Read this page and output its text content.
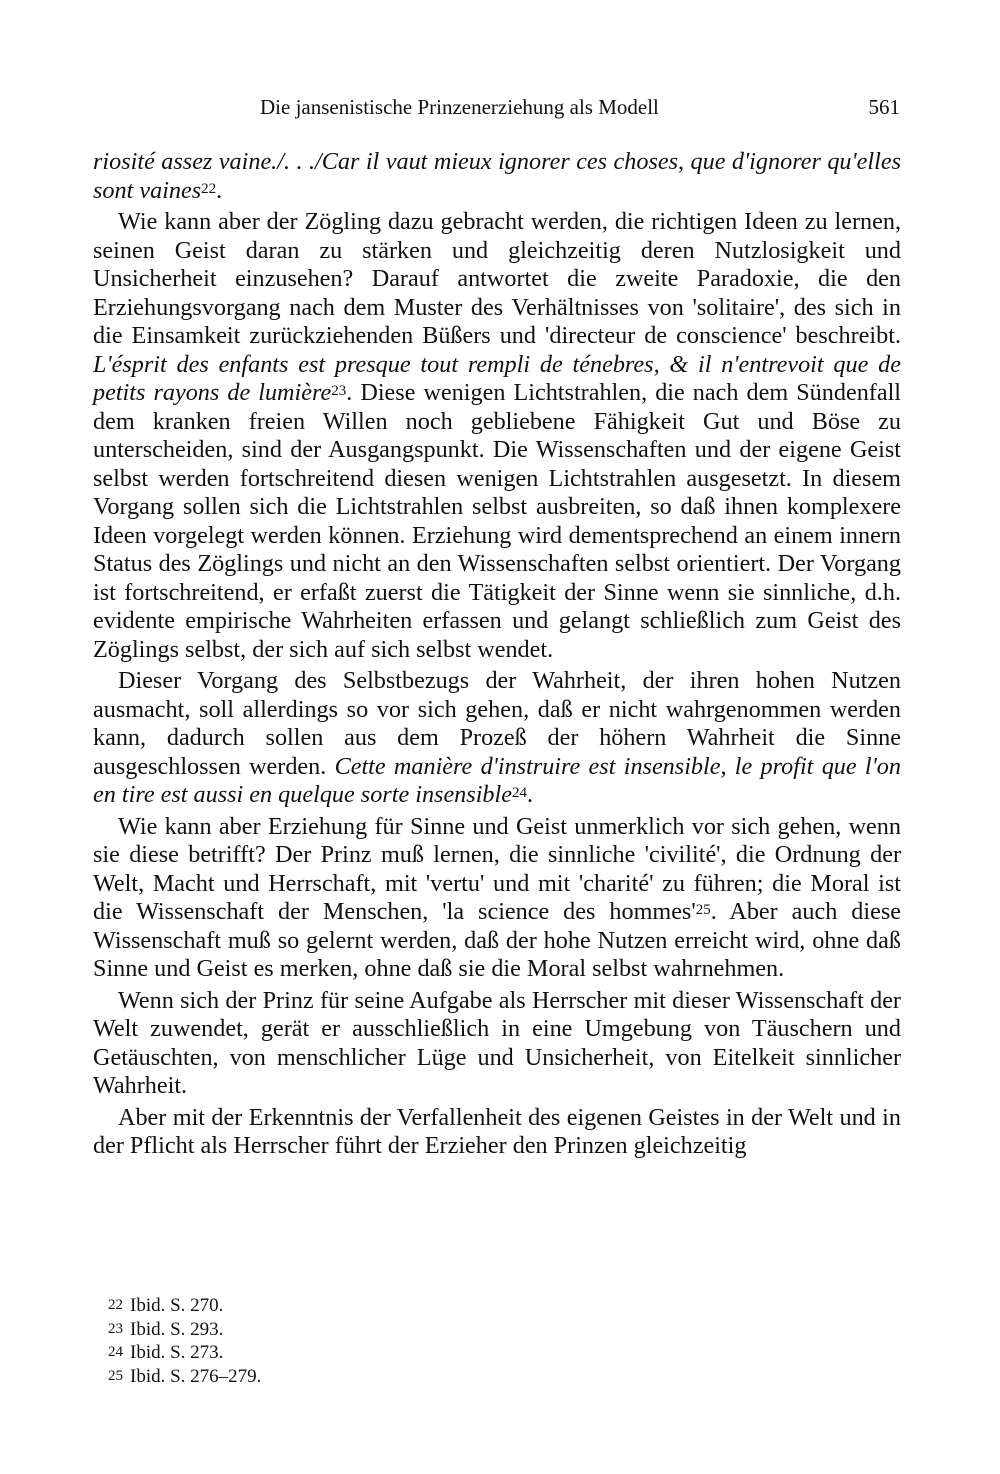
Die jansenistische Prinzenerziehung als Modell	561

riosité assez vaine./. . ./Car il vaut mieux ignorer ces choses, que d'ignorer qu'elles sont vaines$^{22}$.

Wie kann aber der Zögling dazu gebracht werden, die richtigen Ideen zu lernen, seinen Geist daran zu stärken und gleichzeitig deren Nutzlosigkeit und Unsicherheit einzusehen? Darauf antwortet die zweite Paradoxie, die den Erziehungsvorgang nach dem Muster des Verhältnisses von 'solitaire', des sich in die Einsamkeit zurückziehenden Büßers und 'directeur de conscience' beschreibt. L'ésprit des enfants est presque tout rempli de ténebres, & il n'entrevoit que de petits rayons de lumière$^{23}$. Diese wenigen Lichtstrahlen, die nach dem Sündenfall dem kranken freien Willen noch gebliebene Fähigkeit Gut und Böse zu unterscheiden, sind der Ausgangspunkt. Die Wissenschaften und der eigene Geist selbst werden fortschreitend diesen wenigen Lichtstrahlen ausgesetzt. In diesem Vorgang sollen sich die Lichtstrahlen selbst ausbreiten, so daß ihnen komplexere Ideen vorgelegt werden können. Erziehung wird dementsprechend an einem innern Status des Zöglings und nicht an den Wissenschaften selbst orientiert. Der Vorgang ist fortschreitend, er erfaßt zuerst die Tätigkeit der Sinne wenn sie sinnliche, d.h. evidente empirische Wahrheiten erfassen und gelangt schließlich zum Geist des Zöglings selbst, der sich auf sich selbst wendet.

Dieser Vorgang des Selbstbezugs der Wahrheit, der ihren hohen Nutzen ausmacht, soll allerdings so vor sich gehen, daß er nicht wahrgenommen werden kann, dadurch sollen aus dem Prozeß der höhern Wahrheit die Sinne ausgeschlossen werden. Cette manière d'instruire est insensible, le profit que l'on en tire est aussi en quelque sorte insensible$^{24}$.

Wie kann aber Erziehung für Sinne und Geist unmerklich vor sich gehen, wenn sie diese betrifft? Der Prinz muß lernen, die sinnliche 'civilité', die Ordnung der Welt, Macht und Herrschaft, mit 'vertu' und mit 'charité' zu führen; die Moral ist die Wissenschaft der Menschen, 'la science des $hommes'^{25}$. Aber auch diese Wissenschaft muß so gelernt werden, daß der hohe Nutzen erreicht wird, ohne daß Sinne und Geist es merken, ohne daß sie die Moral selbst wahrnehmen.

Wenn sich der Prinz für seine Aufgabe als Herrscher mit dieser Wissenschaft der Welt zuwendet, gerät er ausschließlich in eine Umgebung von Täuschern und Getäuschten, von menschlicher Lüge und Unsicherheit, von Eitelkeit sinnlicher Wahrheit.

Aber mit der Erkenntnis der Verfallenheit des eigenen Geistes in der Welt und in der Pflicht als Herrscher führt der Erzieher den Prinzen gleichzeitig

22 Ibid. S. 270.
23 Ibid. S. 293.
24 Ibid. S. 273.
25 Ibid. S. 276–279.
